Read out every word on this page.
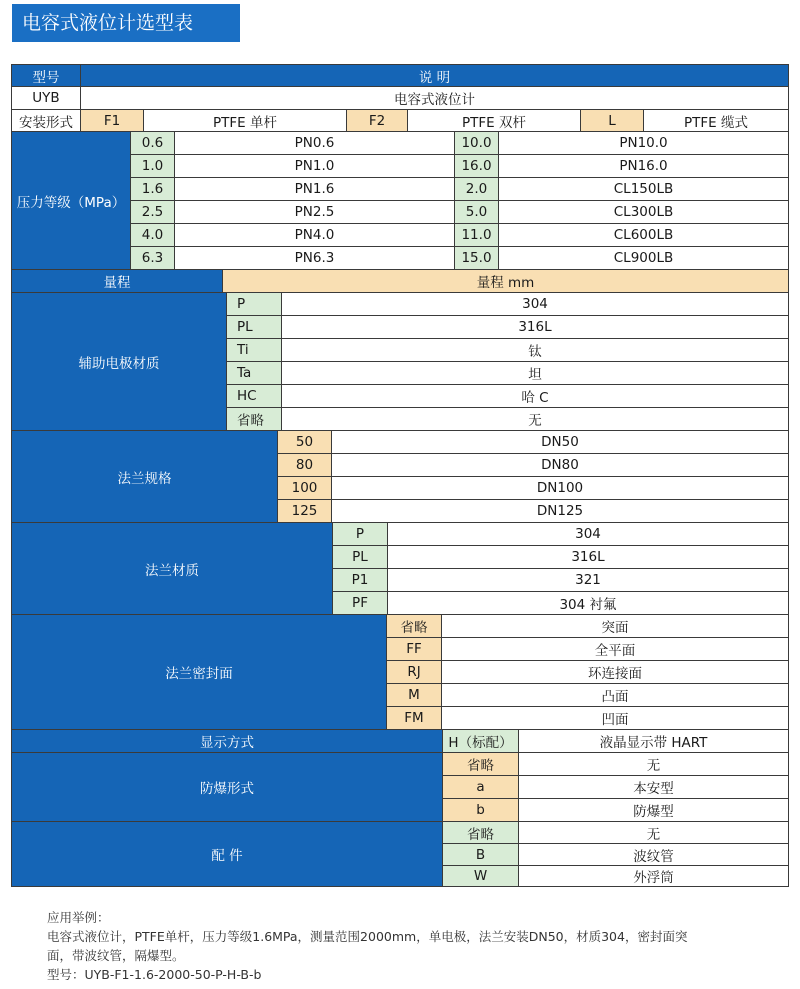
电容式液位计选型表
型号	说 明
UYB	电容式液位计
安装形式	F1	PTFE 单杆	F2	PTFE 双杆	L	PTFE 缆式
压力等级（MPa）
0.6	PN0.6	10.0	PN10.0
1.0	PN1.0	16.0	PN16.0
1.6	PN1.6	2.0	CL150LB
2.5	PN2.5	5.0	CL300LB
4.0	PN4.0	11.0	CL600LB
6.3	PN6.3	15.0	CL900LB
量程	量程 mm
辅助电极材质
P	304
PL	316L
Ti	钛
Ta	坦
HC	哈 C
省略	无
法兰规格
50	DN50
80	DN80
100	DN100
125	DN125
法兰材质
P	304
PL	316L
P1	321
PF	304 衬氟
法兰密封面
省略	突面
FF	全平面
RJ	环连接面
M	凸面
FM	凹面
显示方式	H（标配）	液晶显示带 HART
防爆形式
省略	无
a	本安型
b	防爆型
配 件
省略	无
B	波纹管
W	外浮筒
应用举例：
电容式液位计，PTFE单杆，压力等级1.6MPa，测量范围2000mm，单电极，法兰安装DN50，材质304，密封面突
面，带波纹管，隔爆型。
型号：UYB-F1-1.6-2000-50-P-H-B-b
